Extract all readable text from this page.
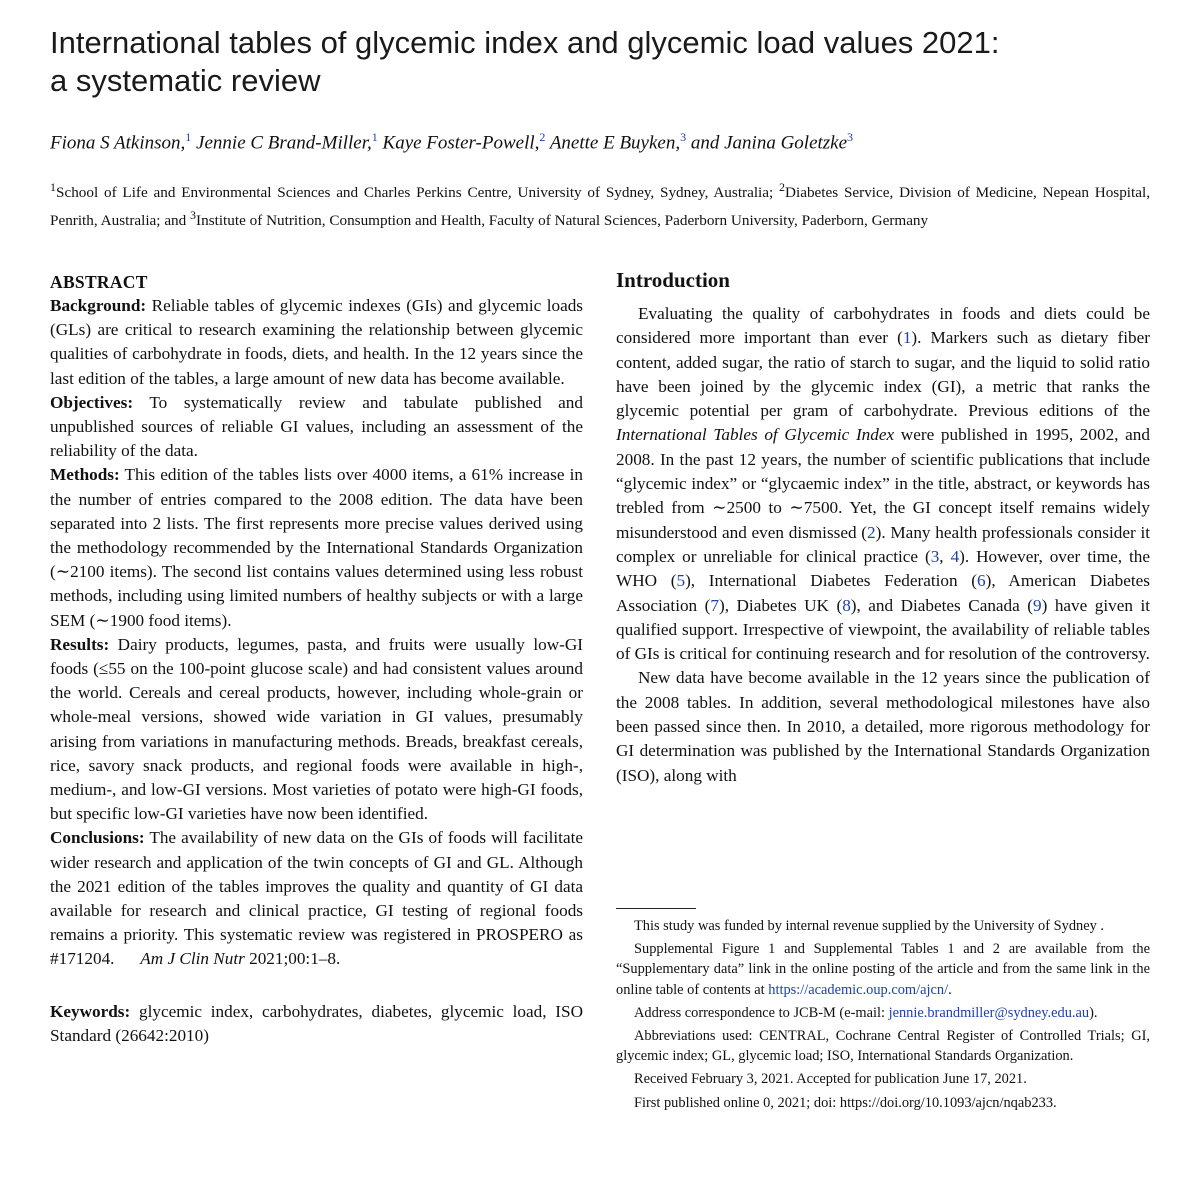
International tables of glycemic index and glycemic load values 2021:
a systematic review
Fiona S Atkinson,$^1$ Jennie C Brand-Miller,$^1$ Kaye Foster-Powell,$^2$ Anette E Buyken,$^3$ and Janina Goletzke$^3$
$^1$School of Life and Environmental Sciences and Charles Perkins Centre, University of Sydney, Sydney, Australia; $^2$Diabetes Service, Division of Medicine, Nepean Hospital, Penrith, Australia; and $^3$Institute of Nutrition, Consumption and Health, Faculty of Natural Sciences, Paderborn University, Paderborn, Germany

ABSTRACT

Background: Reliable tables of glycemic indexes (GIs) and glycemic loads (GLs) are critical to research examining the relationship between glycemic qualities of carbohydrate in foods, diets, and health. In the 12 years since the last edition of the tables, a large amount of new data has become available.

Objectives: To systematically review and tabulate published and unpublished sources of reliable GI values, including an assessment of the reliability of the data.

Methods: This edition of the tables lists over 4000 items, a 61% increase in the number of entries compared to the 2008 edition. The data have been separated into 2 lists. The first represents more precise values derived using the methodology recommended by the International Standards Organization (∼2100 items). The second list contains values determined using less robust methods, including using limited numbers of healthy subjects or with a large SEM (∼1900 food items).

Results: Dairy products, legumes, pasta, and fruits were usually low-GI foods (≤55 on the 100-point glucose scale) and had consistent values around the world. Cereals and cereal products, however, including whole-grain or whole-meal versions, showed wide variation in GI values, presumably arising from variations in manufacturing methods. Breads, breakfast cereals, rice, savory snack products, and regional foods were available in high-, medium-, and low-GI versions. Most varieties of potato were high-GI foods, but specific low-GI varieties have now been identified.

Conclusions: The availability of new data on the GIs of foods will facilitate wider research and application of the twin concepts of GI and GL. Although the 2021 edition of the tables improves the quality and quantity of GI data available for research and clinical practice, GI testing of regional foods remains a priority. This systematic review was registered in PROSPERO as #171204. Am J Clin Nutr 2021;00:1–8.

Keywords: glycemic index, carbohydrates, diabetes, glycemic load, ISO Standard (26642:2010)

Introduction

Evaluating the quality of carbohydrates in foods and diets could be considered more important than ever (1). Markers such as dietary fiber content, added sugar, the ratio of starch to sugar, and the liquid to solid ratio have been joined by the glycemic index (GI), a metric that ranks the glycemic potential per gram of carbohydrate. Previous editions of the International Tables of Glycemic Index were published in 1995, 2002, and 2008. In the past 12 years, the number of scientific publications that include “glycemic index” or “glycaemic index” in the title, abstract, or keywords has trebled from ∼2500 to ∼7500. Yet, the GI concept itself remains widely misunderstood and even dismissed (2). Many health professionals consider it complex or unreliable for clinical practice (3, 4). However, over time, the WHO (5), International Diabetes Federation (6), American Diabetes Association (7), Diabetes UK (8), and Diabetes Canada (9) have given it qualified support. Irrespective of viewpoint, the availability of reliable tables of GIs is critical for continuing research and for resolution of the controversy.

New data have become available in the 12 years since the publication of the 2008 tables. In addition, several methodological milestones have also been passed since then. In 2010, a detailed, more rigorous methodology for GI determination was published by the International Standards Organization (ISO), along with

This study was funded by internal revenue supplied by the University of Sydney .

Supplemental Figure 1 and Supplemental Tables 1 and 2 are available from the “Supplementary data” link in the online posting of the article and from the same link in the online table of contents at https://academic.oup.com/ajcn/.

Address correspondence to JCB-M (e-mail: jennie.brandmiller@sydney.edu.au).

Abbreviations used: CENTRAL, Cochrane Central Register of Controlled Trials; GI, glycemic index; GL, glycemic load; ISO, International Standards Organization.

Received February 3, 2021. Accepted for publication June 17, 2021.

First published online 0, 2021; doi: https://doi.org/10.1093/ajcn/nqab233.
